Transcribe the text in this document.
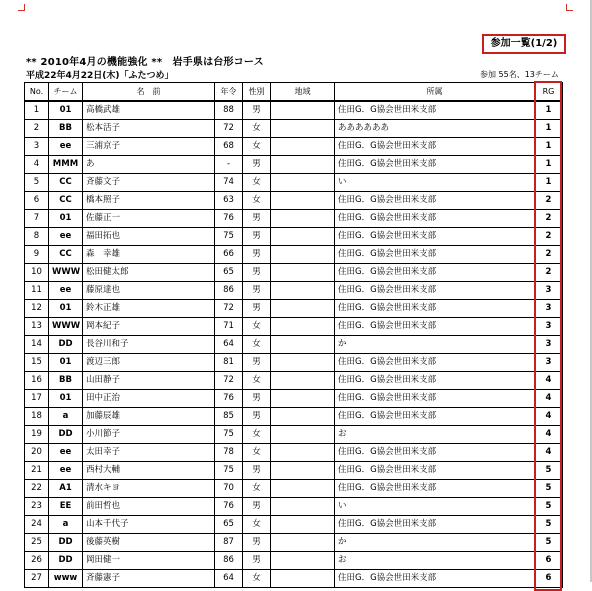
参加一覧(1/2)
** 2010年4月の機能強化 **　岩手県は台形コース
平成22年4月22日(木)「ふたつめ」	参加 55名、13チーム
No.	チーム	名　前	年令	性別	地域	所属	RG
1	01	高橋武雄	88	男		住田G．G協会世田米支部	1
2	BB	松本活子	72	女		ああああああ	1
3	ee	三浦京子	68	女		住田G．G協会世田米支部	1
4	MMM	あ	-	男		住田G．G協会世田米支部	1
5	CC	斉藤文子	74	女		い	1
6	CC	橋本照子	63	女		住田G．G協会世田米支部	2
7	01	佐藤正一	76	男		住田G．G協会世田米支部	2
8	ee	福田拓也	75	男		住田G．G協会世田米支部	2
9	CC	森　幸雄	66	男		住田G．G協会世田米支部	2
10	WWW	松田健太郎	65	男		住田G．G協会世田米支部	2
11	ee	藤原達也	86	男		住田G．G協会世田米支部	3
12	01	鈴木正雄	72	男		住田G．G協会世田米支部	3
13	WWW	岡本紀子	71	女		住田G．G協会世田米支部	3
14	DD	長谷川和子	64	女		か	3
15	01	渡辺三郎	81	男		住田G．G協会世田米支部	3
16	BB	山田静子	72	女		住田G．G協会世田米支部	4
17	01	田中正治	76	男		住田G．G協会世田米支部	4
18	a	加藤辰雄	85	男		住田G．G協会世田米支部	4
19	DD	小川節子	75	女		お	4
20	ee	太田幸子	78	女		住田G．G協会世田米支部	4
21	ee	西村大輔	75	男		住田G．G協会世田米支部	5
22	A1	清水キヨ	70	女		住田G．G協会世田米支部	5
23	EE	前田哲也	76	男		い	5
24	a	山本千代子	65	女		住田G．G協会世田米支部	5
25	DD	後藤英樹	87	男		か	5
26	DD	岡田健一	86	男		お	6
27	www	斉藤憲子	64	女		住田G．G協会世田米支部	6
